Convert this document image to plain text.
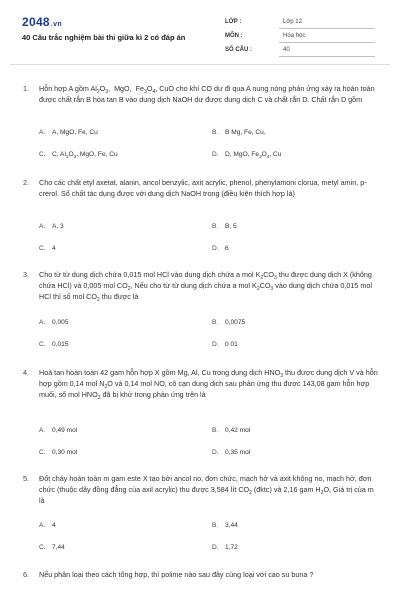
2048.vn
40 Câu trắc nghiệm bài thi giữa kì 2 có đáp án
LỚP :	Lớp 12
MÔN :	Hóa học
SỐ CÂU :	40
1. Hỗn hợp A gồm $Al_2O_3$,  MgO,  $Fe_3O_4$, CuO cho khí CO dư đi qua A nung nóng phản ứng xảy ra hoàn toàn được chất rắn B hòa tan B vào dung dịch NaOH dư được dung dịch C và chất rắn D. Chất rắn D gồm
A. A, MgO, Fe, Cu	B. B Mg, Fe, Cu,
C. C, $Al_2O_3$, MgO, Fe, Cu	D. D, MgO, $Fe_3O_4$, Cu
2. Cho các chất etyl axetat, alanin, ancol benzylic, axit acrylic, phenol, phenylamoni clorua, metyl amin, p-crerol. Số chất tác dụng được với dung dịch NaOH trong (điều kiện thích hợp là)
A. A, 3	B. B, 5
C. 4	D. 6
3. Cho từ từ dung dịch chứa 0,015 mol HCl vào dung dịch chứa a mol $K_2CO_3$ thu được dung dịch X (không chứa HCl) và 0,005 mol $CO_2$, Nếu cho từ từ dung dịch chứa a mol $K_2CO_3$ vào dung dịch chứa 0,015 mol HCl thì số mol $CO_2$ thu được là
A. 0,005	B. 0,0075
C. 0,015	D. 0 01
4. Hoà tan hoàn toàn 42 gam hỗn hợp X gồm Mg, Al, Cu trong dung dịch $HNO_3$ thu được dung dịch V và hỗn hợp gồm 0,14 mol $N_2O$ và 0,14 mol NO, cô cạn dung dịch sau phản ứng thu được 143,08 gam hỗn hợp muối, số mol $HNO_3$ đã bị khử trong phản ứng trên là
A. 0,49 mol	B. 0,42 mol
C. 0,30 mol	D. 0,35 mol
5. Đốt cháy hoàn toàn m gam este X tạo bởi ancol no, đơn chức, mạch hở và axit không no, mạch hở, đơn chức (thuộc dãy đồng đẳng của axil acrylic) thu được 3,584 lít $CO_2$ (đktc) và 2,16 gam $H_2O$, Giá trị của m là
A. 4	B. 3,44
C. 7,44	D. 1,72
6. Nếu phân loại theo cách tổng hợp, thì polime nào sau đây cùng loại với cao su buna ?
